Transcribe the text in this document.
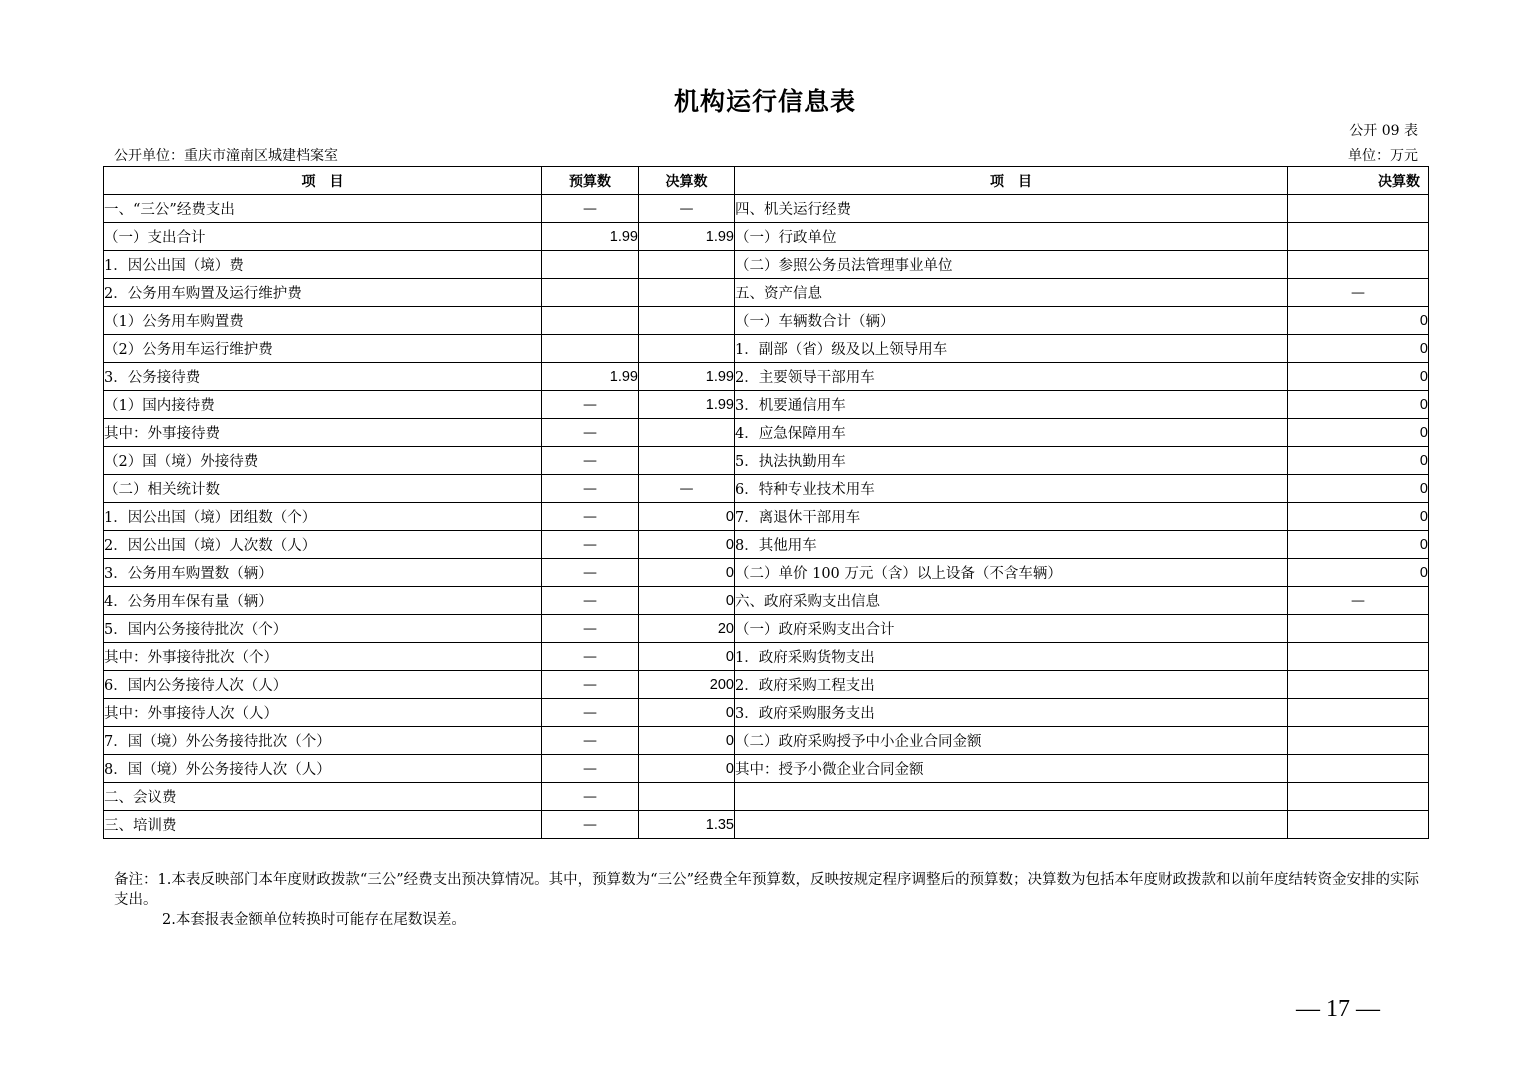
机构运行信息表
公开 09 表
公开单位：重庆市潼南区城建档案室	单位：万元
项　目	预算数	决算数	项　目	决算数
一、“三公”经费支出	—	—	四、机关运行经费	
（一）支出合计	1.99	1.99	（一）行政单位	
1．因公出国（境）费			（二）参照公务员法管理事业单位	
2．公务用车购置及运行维护费			五、资产信息	—
（1）公务用车购置费			（一）车辆数合计（辆）	0
（2）公务用车运行维护费			1．副部（省）级及以上领导用车	0
3．公务接待费	1.99	1.99	2．主要领导干部用车	0
（1）国内接待费	—	1.99	3．机要通信用车	0
其中：外事接待费	—		4．应急保障用车	0
（2）国（境）外接待费	—		5．执法执勤用车	0
（二）相关统计数	—	—	6．特种专业技术用车	0
1．因公出国（境）团组数（个）	—	0	7．离退休干部用车	0
2．因公出国（境）人次数（人）	—	0	8．其他用车	0
3．公务用车购置数（辆）	—	0	（二）单价 100 万元（含）以上设备（不含车辆）	0
4．公务用车保有量（辆）	—	0	六、政府采购支出信息	—
5．国内公务接待批次（个）	—	20	（一）政府采购支出合计	
其中：外事接待批次（个）	—	0	1．政府采购货物支出	
6．国内公务接待人次（人）	—	200	2．政府采购工程支出	
其中：外事接待人次（人）	—	0	3．政府采购服务支出	
7．国（境）外公务接待批次（个）	—	0	（二）政府采购授予中小企业合同金额	
8．国（境）外公务接待人次（人）	—	0	其中：授予小微企业合同金额	
二、会议费	—			
三、培训费	—	1.35		
备注：1.本表反映部门本年度财政拨款“三公”经费支出预决算情况。其中，预算数为“三公”经费全年预算数，反映按规定程序调整后的预算数；决算数为包括本年度财政拨款和以前年度结转资金安排的实际支出。
2.本套报表金额单位转换时可能存在尾数误差。
— 17 —
